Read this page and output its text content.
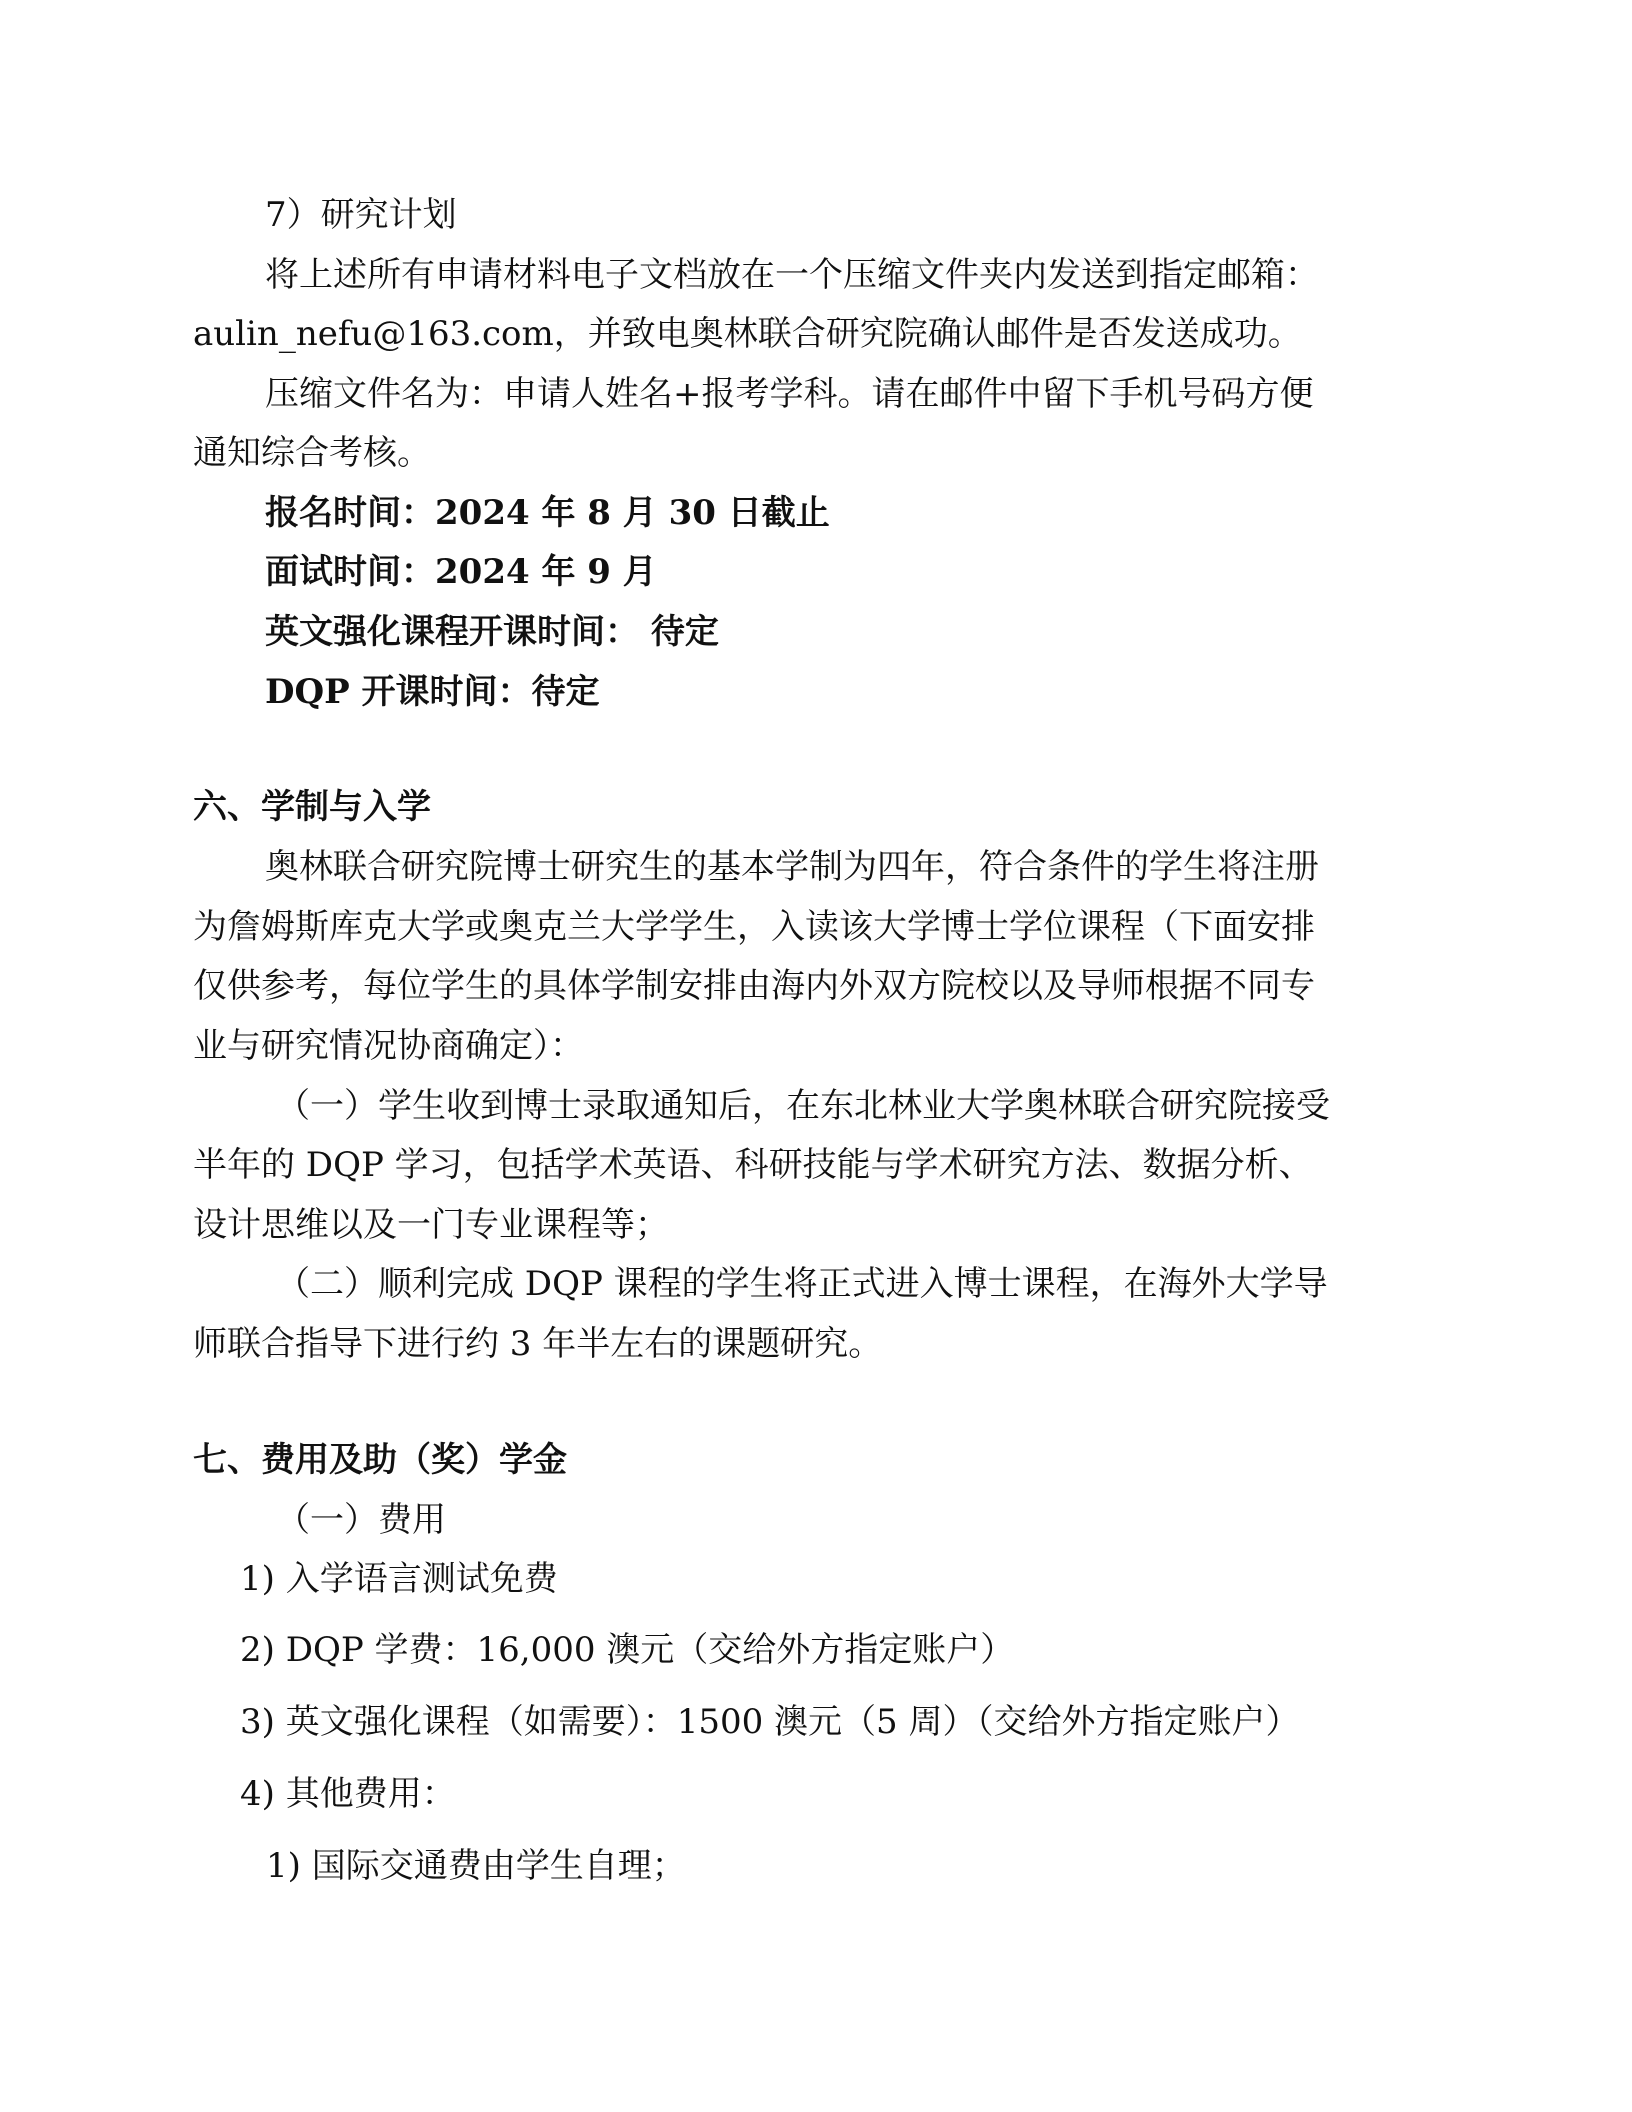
7）研究计划
将上述所有申请材料电子文档放在一个压缩文件夹内发送到指定邮箱：
aulin_nefu@163.com，并致电奥林联合研究院确认邮件是否发送成功。
压缩文件名为：申请人姓名+报考学科。请在邮件中留下手机号码方便
通知综合考核。
报名时间：2024 年 8 月 30 日截止
面试时间：2024 年 9 月
英文强化课程开课时间： 待定
DQP 开课时间：待定
六、学制与入学
奥林联合研究院博士研究生的基本学制为四年，符合条件的学生将注册
为詹姆斯库克大学或奥克兰大学学生，入读该大学博士学位课程（下面安排
仅供参考，每位学生的具体学制安排由海内外双方院校以及导师根据不同专
业与研究情况协商确定）：
（一）学生收到博士录取通知后，在东北林业大学奥林联合研究院接受
半年的 DQP 学习，包括学术英语、科研技能与学术研究方法、数据分析、
设计思维以及一门专业课程等；
（二）顺利完成 DQP 课程的学生将正式进入博士课程，在海外大学导
师联合指导下进行约 3 年半左右的课题研究。
七、费用及助（奖）学金
（一）费用
1) 入学语言测试免费
2) DQP 学费：16,000 澳元（交给外方指定账户）
3) 英文强化课程（如需要）：1500 澳元（5 周）（交给外方指定账户）
4) 其他费用：
1) 国际交通费由学生自理；
